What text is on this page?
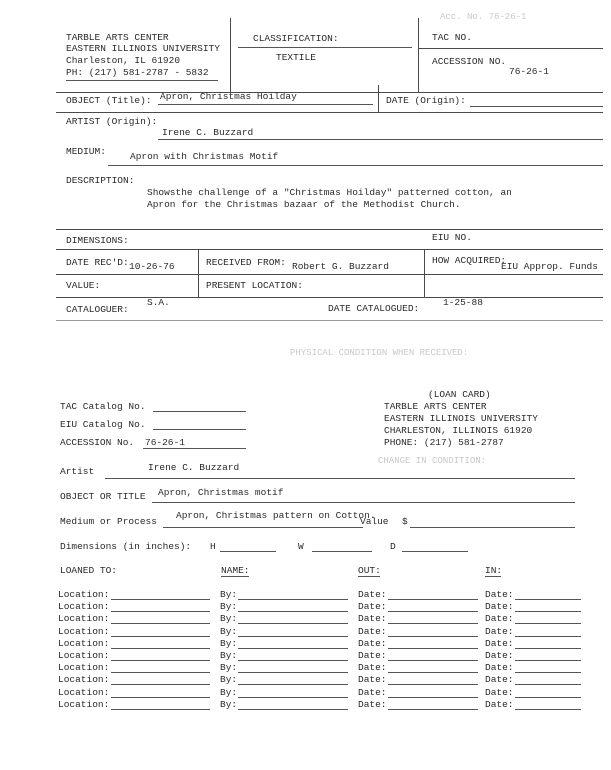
Acc. No. 76-26-1
PHYSICAL CONDITION WHEN RECEIVED:
CHANGE IN CONDITION:
TARBLE ARTS CENTER
EASTERN ILLINOIS UNIVERSITY
Charleston, IL 61920
PH: (217) 581-2787 - 5832
CLASSIFICATION:
TEXTILE
TAC NO.
ACCESSION NO.
76-26-1
OBJECT (Title): Apron, Christmas Hoilday	DATE (Origin):
ARTIST (Origin):
Irene C. Buzzard
MEDIUM:	Apron with Christmas Motif
DESCRIPTION:
Showsthe challenge of a "Christmas Hoilday" patterned cotton, an
Apron for the Christmas bazaar of the Methodist Church.
DIMENSIONS:	EIU NO.
DATE REC'D: 10-26-76	RECEIVED FROM: Robert G. Buzzard
HOW ACQUIRED:
EIU Approp. Funds
VALUE:	PRESENT LOCATION:
CATALOGUER:
S.A.
DATE CATALOGUED:
1-25-88
TAC Catalog No.
EIU Catalog No.
ACCESSION No. 76-26-1
(LOAN CARD)
TARBLE ARTS CENTER
EASTERN ILLINOIS UNIVERSITY
CHARLESTON, ILLINOIS 61920
PHONE: (217) 581-2787
Artist	Irene C. Buzzard
OBJECT OR TITLE Apron, Christmas motif
Medium or Process
Apron, Christmas pattern on Cotton.
Value $
Dimensions (in inches): H	W	D
LOANED TO:	NAME:	OUT:	IN:
Location:	By:	Date:	Date:
Location:	By:	Date:	Date:
Location:	By:	Date:	Date:
Location:	By:	Date:	Date:
Location:	By:	Date:	Date:
Location:	By:	Date:	Date:
Location:	By:	Date:	Date:
Location:	By:	Date:	Date:
Location:	By:	Date:	Date:
Location:	By:	Date:	Date:
